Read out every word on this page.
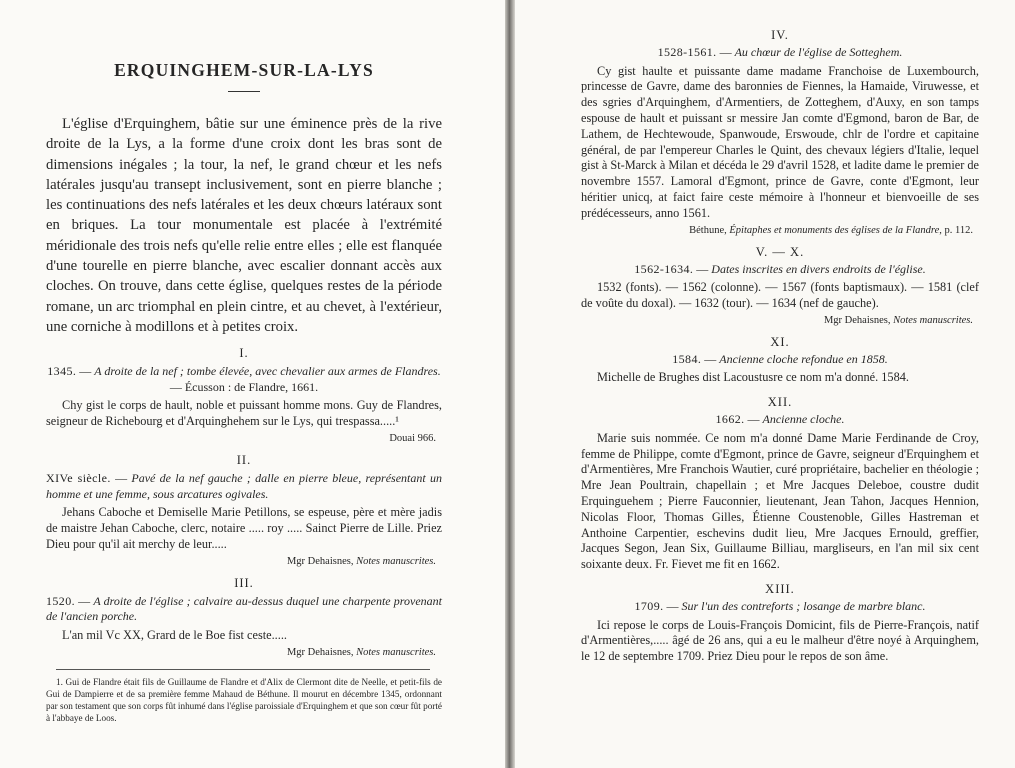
ERQUINGHEM-SUR-LA-LYS

L'église d'Erquinghem, bâtie sur une éminence près de la rive droite de la Lys, a la forme d'une croix dont les bras sont de dimensions inégales ; la tour, la nef, le grand chœur et les nefs latérales jusqu'au transept inclusivement, sont en pierre blanche ; les continuations des nefs latérales et les deux chœurs latéraux sont en briques. La tour monumentale est placée à l'extrémité méridionale des trois nefs qu'elle relie entre elles ; elle est flanquée d'une tourelle en pierre blanche, avec escalier donnant accès aux cloches. On trouve, dans cette église, quelques restes de la période romane, un arc triomphal en plein cintre, et au chevet, à l'extérieur, une corniche à modillons et à petites croix.

I.

1345. — A droite de la nef ; tombe élevée, avec chevalier aux armes de Flandres. — Écusson : de Flandre, 1661.

Chy gist le corps de hault, noble et puissant homme mons. Guy de Flandres, seigneur de Richebourg et d'Arquinghehem sur le Lys, qui trespassa.....¹

Douai 966.
II.

XIVe siècle. — Pavé de la nef gauche ; dalle en pierre bleue, représentant un homme et une femme, sous arcatures ogivales.

Jehans Caboche et Demiselle Marie Petillons, se espeuse, père et mère jadis de maistre Jehan Caboche, clerc, notaire ..... roy ..... Sainct Pierre de Lille. Priez Dieu pour qu'il ait merchy de leur.....

Mgr Dehaisnes, Notes manuscrites.
III.

1520. — A droite de l'église ; calvaire au-dessus duquel une charpente provenant de l'ancien porche.

L'an mil Vc XX, Grard de le Boe fist ceste.....

Mgr Dehaisnes, Notes manuscrites.

1. Gui de Flandre était fils de Guillaume de Flandre et d'Alix de Clermont dite de Neelle, et petit-fils de Gui de Dampierre et de sa première femme Mahaud de Béthune. Il mourut en décembre 1345, ordonnant par son testament que son corps fût inhumé dans l'église paroissiale d'Erquinghem et que son cœur fût porté à l'abbaye de Loos.

IV.

1528-1561. — Au chœur de l'église de Sotteghem.

Cy gist haulte et puissante dame madame Franchoise de Luxembourch, princesse de Gavre, dame des baronnies de Fiennes, la Hamaide, Viruwesse, et des sgries d'Arquinghem, d'Armentiers, de Zotteghem, d'Auxy, en son tamps espouse de hault et puissant sr messire Jan comte d'Egmond, baron de Bar, de Lathem, de Hechtewoude, Spanwoude, Erswoude, chlr de l'ordre et capitaine général, de par l'empereur Charles le Quint, des chevaux légiers d'Italie, lequel gist à St-Marck à Milan et décéda le 29 d'avril 1528, et ladite dame le premier de novembre 1557. Lamoral d'Egmont, prince de Gavre, conte d'Egmont, leur héritier unicq, at faict faire ceste mémoire à l'honneur et bienvoeille de ses prédécesseurs, anno 1561.

Béthune, Épitaphes et monuments des églises de la Flandre, p. 112.
V. — X.

1562-1634. — Dates inscrites en divers endroits de l'église.

1532 (fonts). — 1562 (colonne). — 1567 (fonts baptismaux). — 1581 (clef de voûte du doxal). — 1632 (tour). — 1634 (nef de gauche).

Mgr Dehaisnes, Notes manuscrites.
XI.

1584. — Ancienne cloche refondue en 1858.

Michelle de Brughes dist Lacoustusre ce nom m'a donné. 1584.

XII.

1662. — Ancienne cloche.

Marie suis nommée. Ce nom m'a donné Dame Marie Ferdinande de Croy, femme de Philippe, comte d'Egmont, prince de Gavre, seigneur d'Erquinghem et d'Armentières, Mre Franchois Wautier, curé propriétaire, bachelier en théologie ; Mre Jean Poultrain, chapellain ; et Mre Jacques Deleboe, coustre dudit Erquinguehem ; Pierre Fauconnier, lieutenant, Jean Tahon, Jacques Hennion, Nicolas Floor, Thomas Gilles, Étienne Coustenoble, Gilles Hastreman et Anthoine Carpentier, eschevins dudit lieu, Mre Jacques Ernould, greffier, Jacques Segon, Jean Six, Guillaume Billiau, margliseurs, en l'an mil six cent soixante deux. Fr. Fievet me fit en 1662.

XIII.

1709. — Sur l'un des contreforts ; losange de marbre blanc.

Ici repose le corps de Louis-François Domicint, fils de Pierre-François, natif d'Armentières,..... âgé de 26 ans, qui a eu le malheur d'être noyé à Arquinghem, le 12 de septembre 1709. Priez Dieu pour le repos de son âme.
